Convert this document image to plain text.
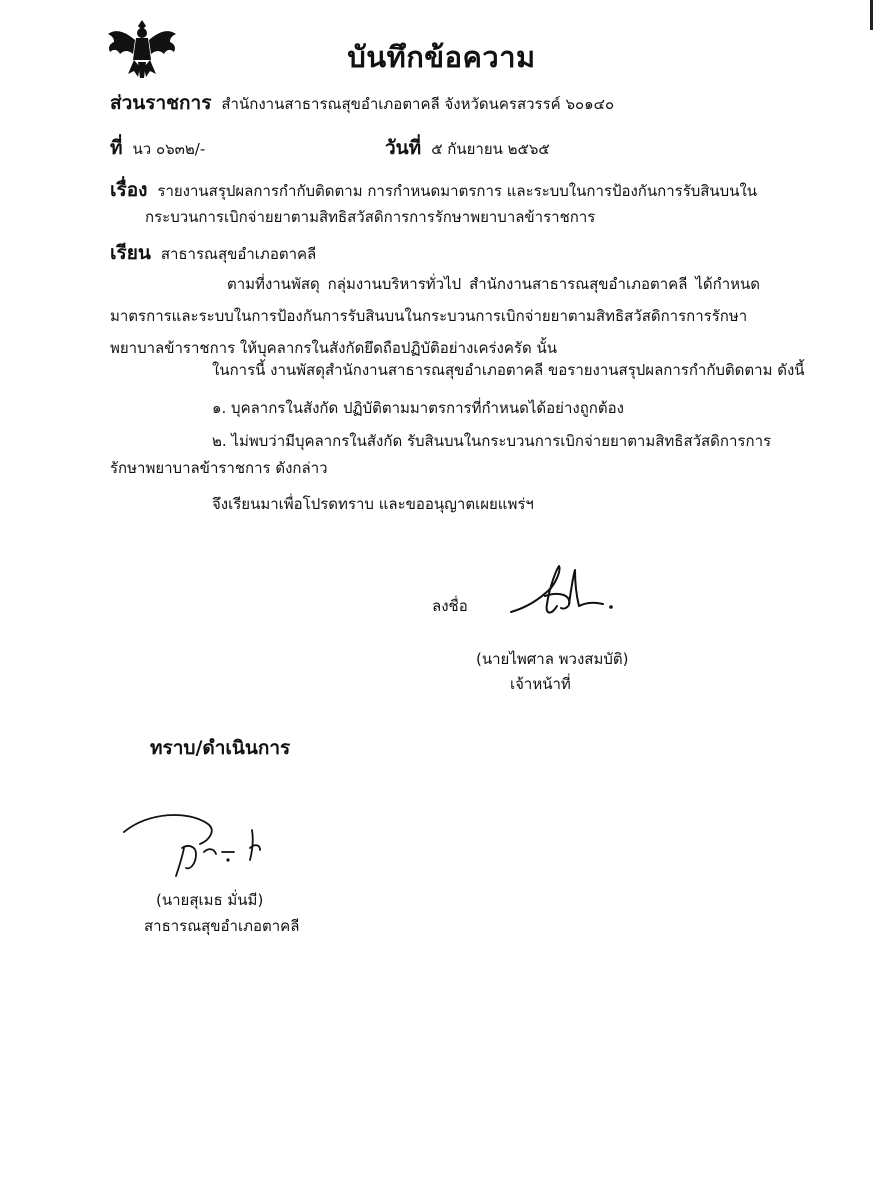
บันทึกข้อความ
ส่วนราชการ สำนักงานสาธารณสุขอำเภอตาคลี จังหวัดนครสวรรค์ ๖๐๑๔๐
ที่ นว ๐๖๓๒/-	วันที่ ๕ กันยายน ๒๕๖๕
เรื่อง รายงานสรุปผลการกำกับติดตาม การกำหนดมาตรการ และระบบในการป้องกันการรับสินบนใน
กระบวนการเบิกจ่ายยาตามสิทธิสวัสดิการการรักษาพยาบาลข้าราชการ
เรียน สาธารณสุขอำเภอตาคลี
ตามที่งานพัสดุ กลุ่มงานบริหารทั่วไป สำนักงานสาธารณสุขอำเภอตาคลี ได้กำหนดมาตรการและระบบในการป้องกันการรับสินบนในกระบวนการเบิกจ่ายยาตามสิทธิสวัสดิการการรักษาพยาบาลข้าราชการ ให้บุคลากรในสังกัดยึดถือปฏิบัติอย่างเคร่งครัด นั้น
ในการนี้ งานพัสดุสำนักงานสาธารณสุขอำเภอตาคลี ขอรายงานสรุปผลการกำกับติดตาม ดังนี้
๑. บุคลากรในสังกัด ปฏิบัติตามมาตรการที่กำหนดได้อย่างถูกต้อง
๒. ไม่พบว่ามีบุคลากรในสังกัด รับสินบนในกระบวนการเบิกจ่ายยาตามสิทธิสวัสดิการการ
รักษาพยาบาลข้าราชการ ดังกล่าว
จึงเรียนมาเพื่อโปรดทราบ และขออนุญาตเผยแพร่ฯ
ลงชื่อ
(นายไพศาล พวงสมบัติ)
เจ้าหน้าที่
ทราบ/ดำเนินการ
(นายสุเมธ มั่นมี)
สาธารณสุขอำเภอตาคลี
